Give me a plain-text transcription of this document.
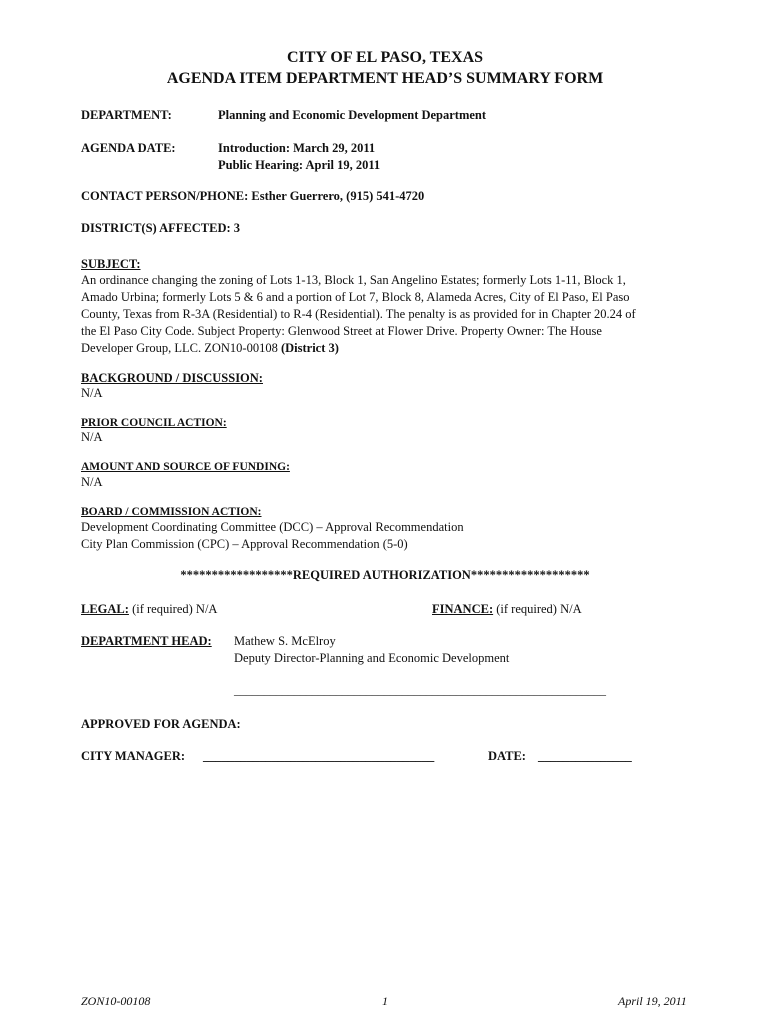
CITY OF EL PASO, TEXAS
AGENDA ITEM DEPARTMENT HEAD’S SUMMARY FORM
DEPARTMENT:	Planning and Economic Development Department
AGENDA DATE:	Introduction: March 29, 2011
Public Hearing: April 19, 2011
CONTACT PERSON/PHONE: Esther Guerrero, (915) 541-4720
DISTRICT(S) AFFECTED: 3
SUBJECT:
An ordinance changing the zoning of Lots 1-13, Block 1, San Angelino Estates; formerly Lots 1-11, Block 1,
Amado Urbina; formerly Lots 5 & 6 and a portion of Lot 7, Block 8, Alameda Acres, City of El Paso, El Paso
County, Texas from R-3A (Residential) to R-4 (Residential). The penalty is as provided for in Chapter 20.24 of
the El Paso City Code. Subject Property: Glenwood Street at Flower Drive. Property Owner: The House
Developer Group, LLC. ZON10-00108 (District 3)
BACKGROUND / DISCUSSION:
N/A
PRIOR COUNCIL ACTION:
N/A
AMOUNT AND SOURCE OF FUNDING:
N/A
BOARD / COMMISSION ACTION:
Development Coordinating Committee (DCC) – Approval Recommendation
City Plan Commission (CPC) – Approval Recommendation (5-0)
******************REQUIRED AUTHORIZATION*******************
LEGAL: (if required) N/A	FINANCE: (if required) N/A
DEPARTMENT HEAD: Mathew S. McElroy
Deputy Director-Planning and Economic Development
______________________________________________________________
APPROVED FOR AGENDA:
CITY MANAGER: _____________________________________	DATE: _______________
ZON10-00108	1	April 19, 2011
